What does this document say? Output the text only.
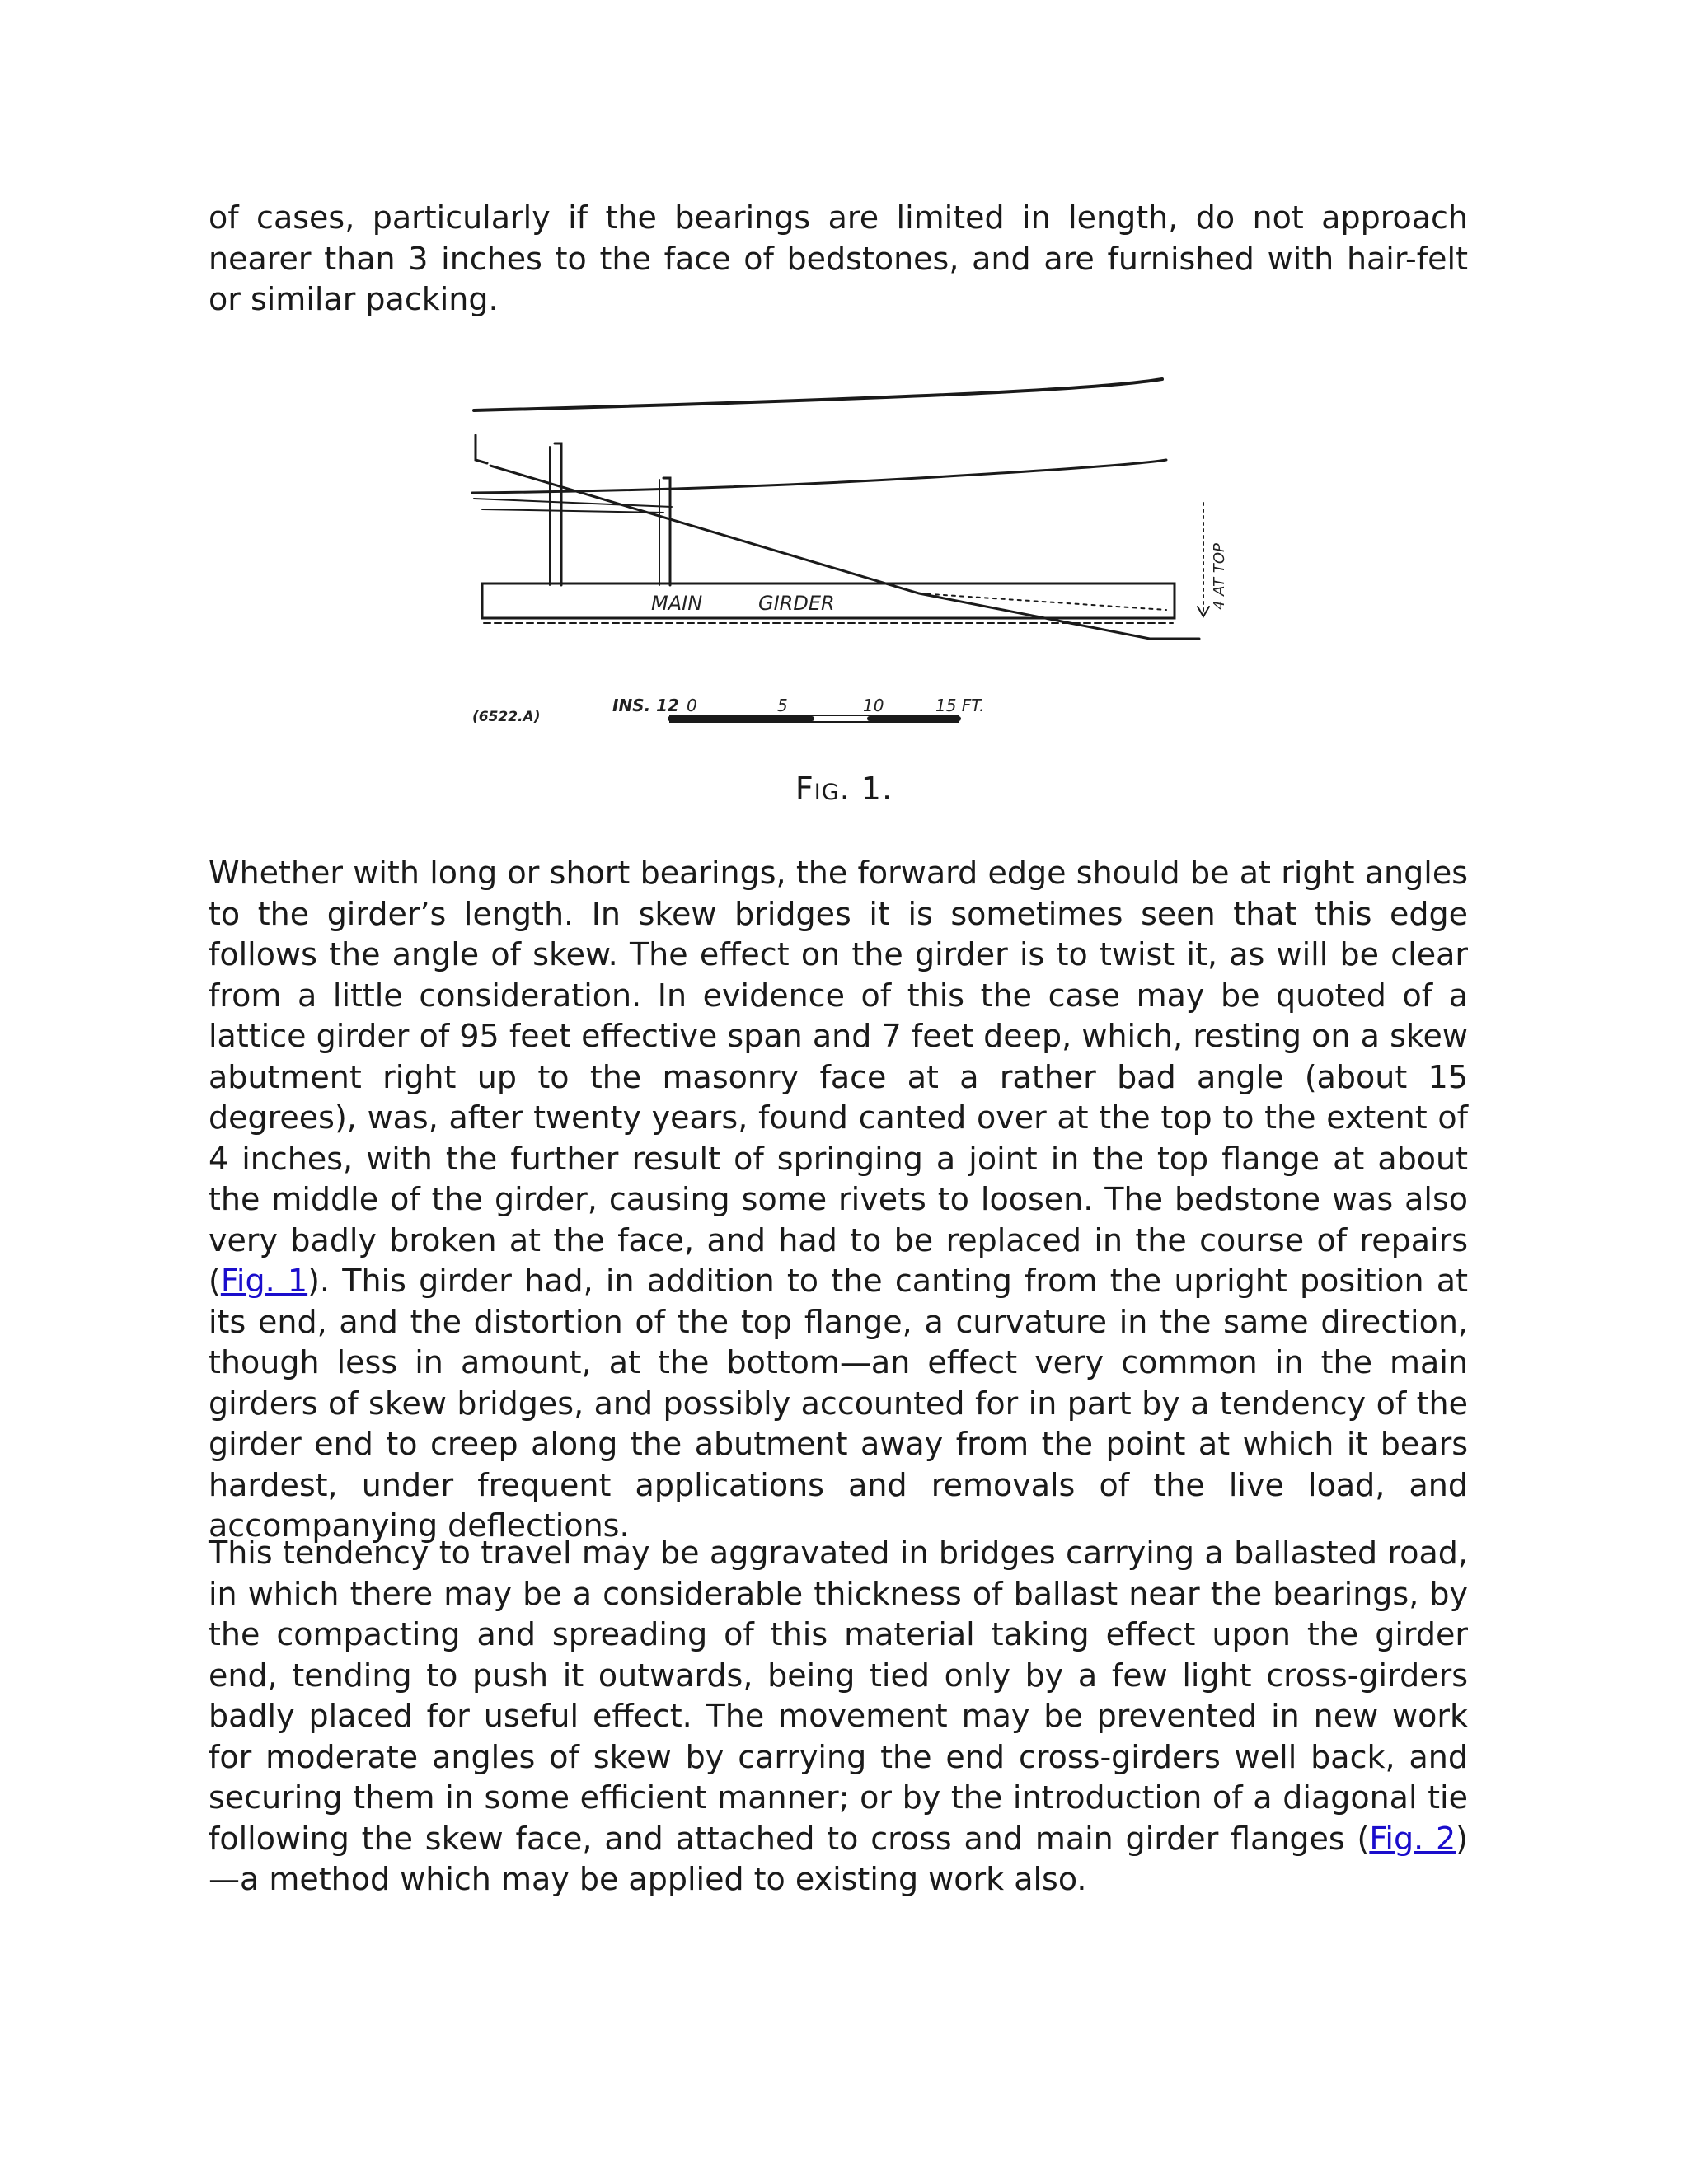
of cases, particularly if the bearings are limited in length, do not approach nearer than 3 inches to the face of bedstones, and are furnished with hair-felt or similar packing.

MAIN	GIRDER	4 AT TOP
(6522.A)
INS. 12 0	5	10	15 FT.
Fig. 1.

Whether with long or short bearings, the forward edge should be at right angles to the girder’s length. In skew bridges it is sometimes seen that this edge follows the angle of skew. The effect on the girder is to twist it, as will be clear from a little consideration. In evidence of this the case may be quoted of a lattice girder of 95 feet effective span and 7 feet deep, which, resting on a skew abutment right up to the masonry face at a rather bad angle (about 15 degrees), was, after twenty years, found canted over at the top to the extent of 4 inches, with the further result of springing a joint in the top flange at about the middle of the girder, causing some rivets to loosen. The bedstone was also very badly broken at the face, and had to be replaced in the course of repairs (Fig. 1). This girder had, in addition to the canting from the upright position at its end, and the distortion of the top flange, a curvature in the same direction, though less in amount, at the bottom—an effect very common in the main girders of skew bridges, and possibly accounted for in part by a tendency of the girder end to creep along the abutment away from the point at which it bears hardest, under frequent applications and removals of the live load, and accompanying deflections.

This tendency to travel may be aggravated in bridges carrying a ballasted road, in which there may be a considerable thickness of ballast near the bearings, by the compacting and spreading of this material taking effect upon the girder end, tending to push it outwards, being tied only by a few light cross-girders badly placed for useful effect. The movement may be prevented in new work for moderate angles of skew by carrying the end cross-girders well back, and securing them in some efficient manner; or by the introduction of a diagonal tie following the skew face, and attached to cross and main girder flanges (Fig. 2)—a method which may be applied to existing work also.
